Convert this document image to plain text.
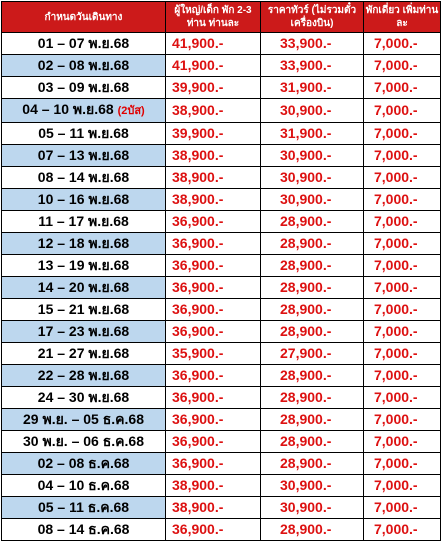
กำหนดวันเดินทาง	ผู้ใหญ่/เด็ก พัก 2-3 ท่าน ท่านละ	ราคาทัวร์ (ไม่รวมตั๋วเครื่องบิน)	พักเดี่ยว เพิ่มท่านละ
01 – 07 พ.ย.68	41,900.-	33,900.-	7,000.-
02 – 08 พ.ย.68	41,900.-	33,900.-	7,000.-
03 – 09 พ.ย.68	39,900.-	31,900.-	7,000.-
04 – 10 พ.ย.68 (2บัส)	38,900.-	30,900.-	7,000.-
05 – 11 พ.ย.68	39,900.-	31,900.-	7,000.-
07 – 13 พ.ย.68	38,900.-	30,900.-	7,000.-
08 – 14 พ.ย.68	38,900.-	30,900.-	7,000.-
10 – 16 พ.ย.68	38,900.-	30,900.-	7,000.-
11 – 17 พ.ย.68	36,900.-	28,900.-	7,000.-
12 – 18 พ.ย.68	36,900.-	28,900.-	7,000.-
13 – 19 พ.ย.68	36,900.-	28,900.-	7,000.-
14 – 20 พ.ย.68	36,900.-	28,900.-	7,000.-
15 – 21 พ.ย.68	36,900.-	28,900.-	7,000.-
17 – 23 พ.ย.68	36,900.-	28,900.-	7,000.-
21 – 27 พ.ย.68	35,900.-	27,900.-	7,000.-
22 – 28 พ.ย.68	36,900.-	28,900.-	7,000.-
24 – 30 พ.ย.68	36,900.-	28,900.-	7,000.-
29 พ.ย. – 05 ธ.ค.68	36,900.-	28,900.-	7,000.-
30 พ.ย. – 06 ธ.ค.68	36,900.-	28,900.-	7,000.-
02 – 08 ธ.ค.68	36,900.-	28,900.-	7,000.-
04 – 10 ธ.ค.68	38,900.-	30,900.-	7,000.-
05 – 11 ธ.ค.68	38,900.-	30,900.-	7,000.-
08 – 14 ธ.ค.68	36,900.-	28,900.-	7,000.-
